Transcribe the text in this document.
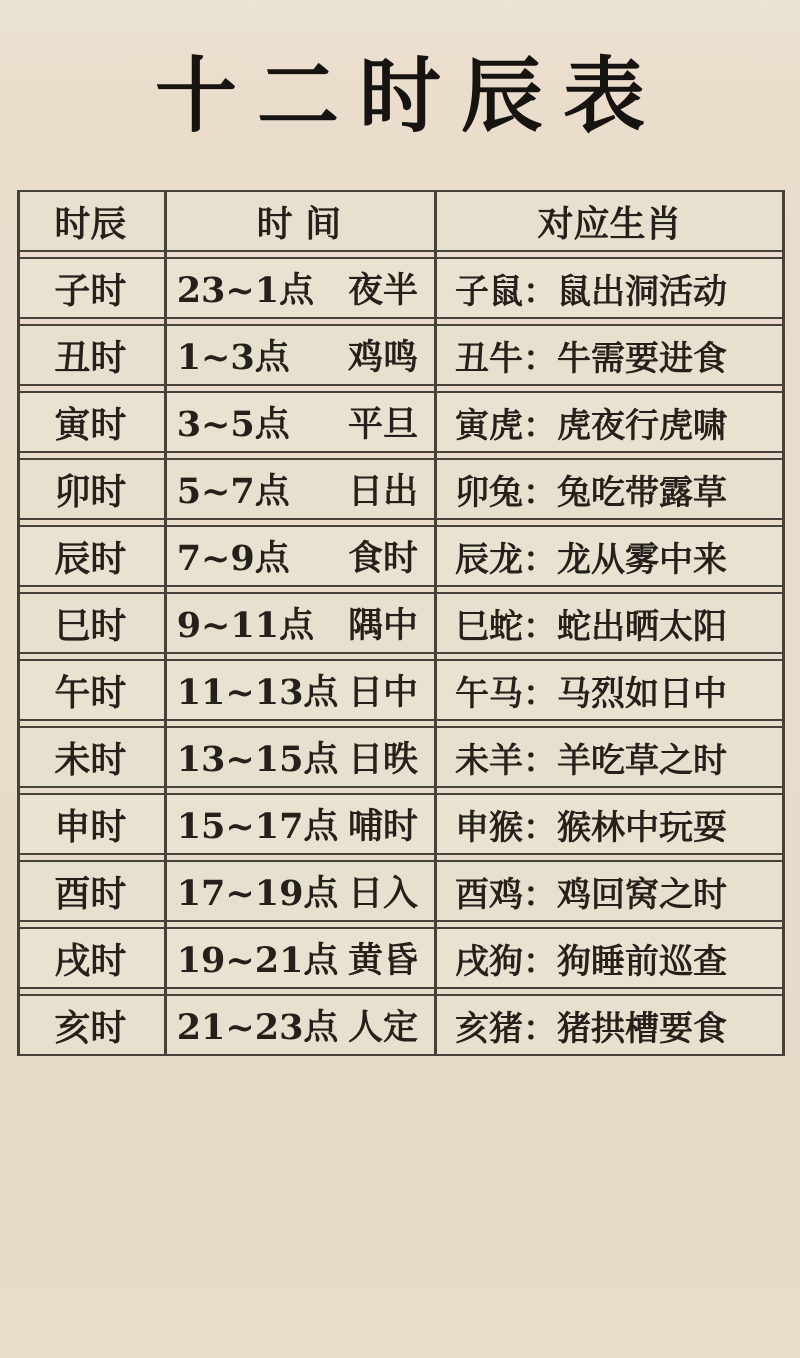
十二时辰表
时辰	时 间	对应生肖
子时 23~1点 夜半 子鼠：鼠出洞活动
丑时 1~3点 鸡鸣 丑牛：牛需要进食
寅时 3~5点 平旦 寅虎：虎夜行虎啸
卯时 5~7点 日出 卯兔：兔吃带露草
辰时 7~9点 食时 辰龙：龙从雾中来
巳时 9~11点 隅中 巳蛇：蛇出晒太阳
午时 11~13点 日中 午马：马烈如日中
未时 13~15点 日昳 未羊：羊吃草之时
申时 15~17点 哺时 申猴：猴林中玩耍
酉时 17~19点 日入 酉鸡：鸡回窝之时
戌时 19~21点 黄昏 戌狗：狗睡前巡查
亥时 21~23点 人定 亥猪：猪拱槽要食
